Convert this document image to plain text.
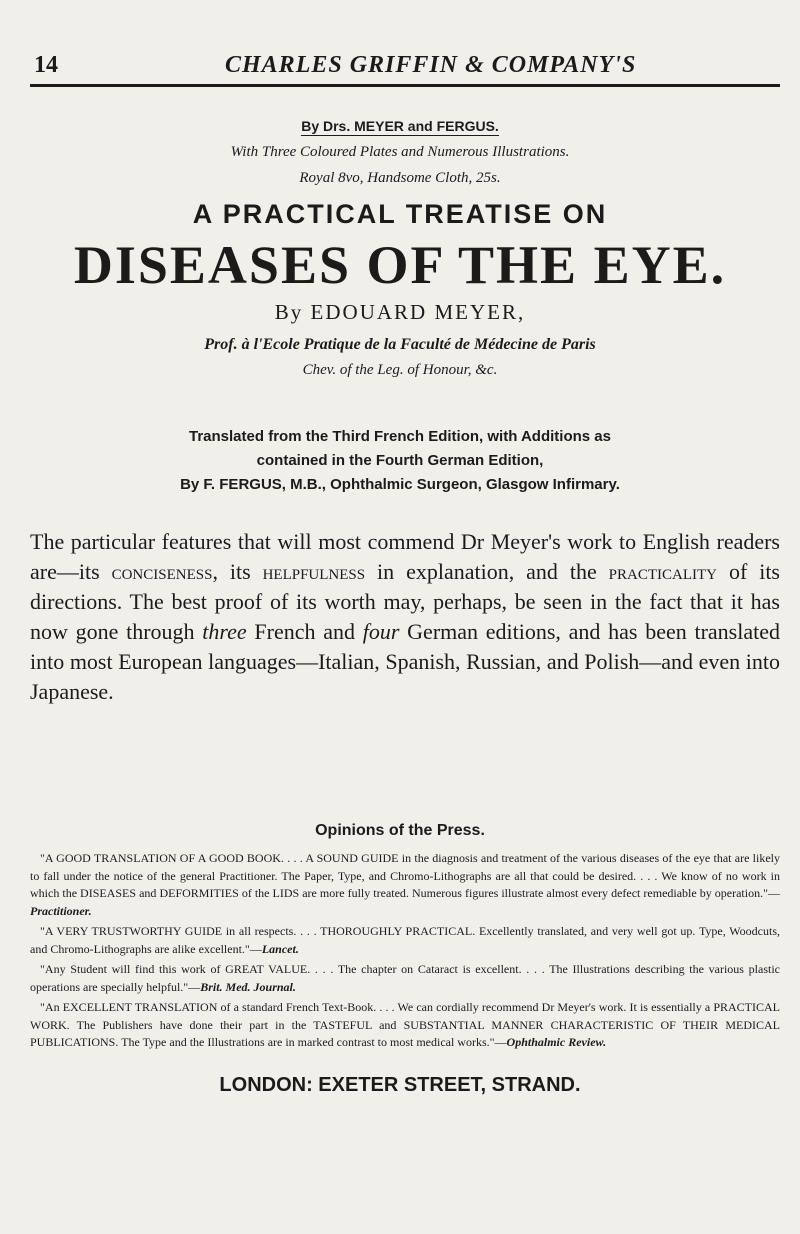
14	CHARLES GRIFFIN & COMPANY'S
By Drs. MEYER and FERGUS.
With Three Coloured Plates and Numerous Illustrations.
Royal 8vo, Handsome Cloth, 25s.
A PRACTICAL TREATISE ON
DISEASES OF THE EYE.
By EDOUARD MEYER,
Prof. à l'Ecole Pratique de la Faculté de Médecine de Paris
Chev. of the Leg. of Honour, &c.
Translated from the Third French Edition, with Additions as
contained in the Fourth German Edition,
By F. FERGUS, M.B., Ophthalmic Surgeon, Glasgow Infirmary.
The particular features that will most commend Dr Meyer's work to English readers are—its conciseness, its helpfulness in explanation, and the practicality of its directions. The best proof of its worth may, perhaps, be seen in the fact that it has now gone through three French and four German editions, and has been translated into most European languages—Italian, Spanish, Russian, and Polish—and even into Japanese.
Opinions of the Press.

"A GOOD TRANSLATION OF A GOOD BOOK. . . . A SOUND GUIDE in the diagnosis and treatment of the various diseases of the eye that are likely to fall under the notice of the general Practitioner. The Paper, Type, and Chromo-Lithographs are all that could be desired. . . . We know of no work in which the DISEASES and DEFORMITIES of the LIDS are more fully treated. Numerous figures illustrate almost every defect remediable by operation."—Practitioner.

"A VERY TRUSTWORTHY GUIDE in all respects. . . . THOROUGHLY PRACTICAL. Excellently translated, and very well got up. Type, Woodcuts, and Chromo-Lithographs are alike excellent."—Lancet.

"Any Student will find this work of GREAT VALUE. . . . The chapter on Cataract is excellent. . . . The Illustrations describing the various plastic operations are specially helpful."—Brit. Med. Journal.

"An EXCELLENT TRANSLATION of a standard French Text-Book. . . . We can cordially recommend Dr Meyer's work. It is essentially a PRACTICAL WORK. The Publishers have done their part in the TASTEFUL and SUBSTANTIAL MANNER CHARACTERISTIC OF THEIR MEDICAL PUBLICATIONS. The Type and the Illustrations are in marked contrast to most medical works."—Ophthalmic Review.

LONDON: EXETER STREET, STRAND.
